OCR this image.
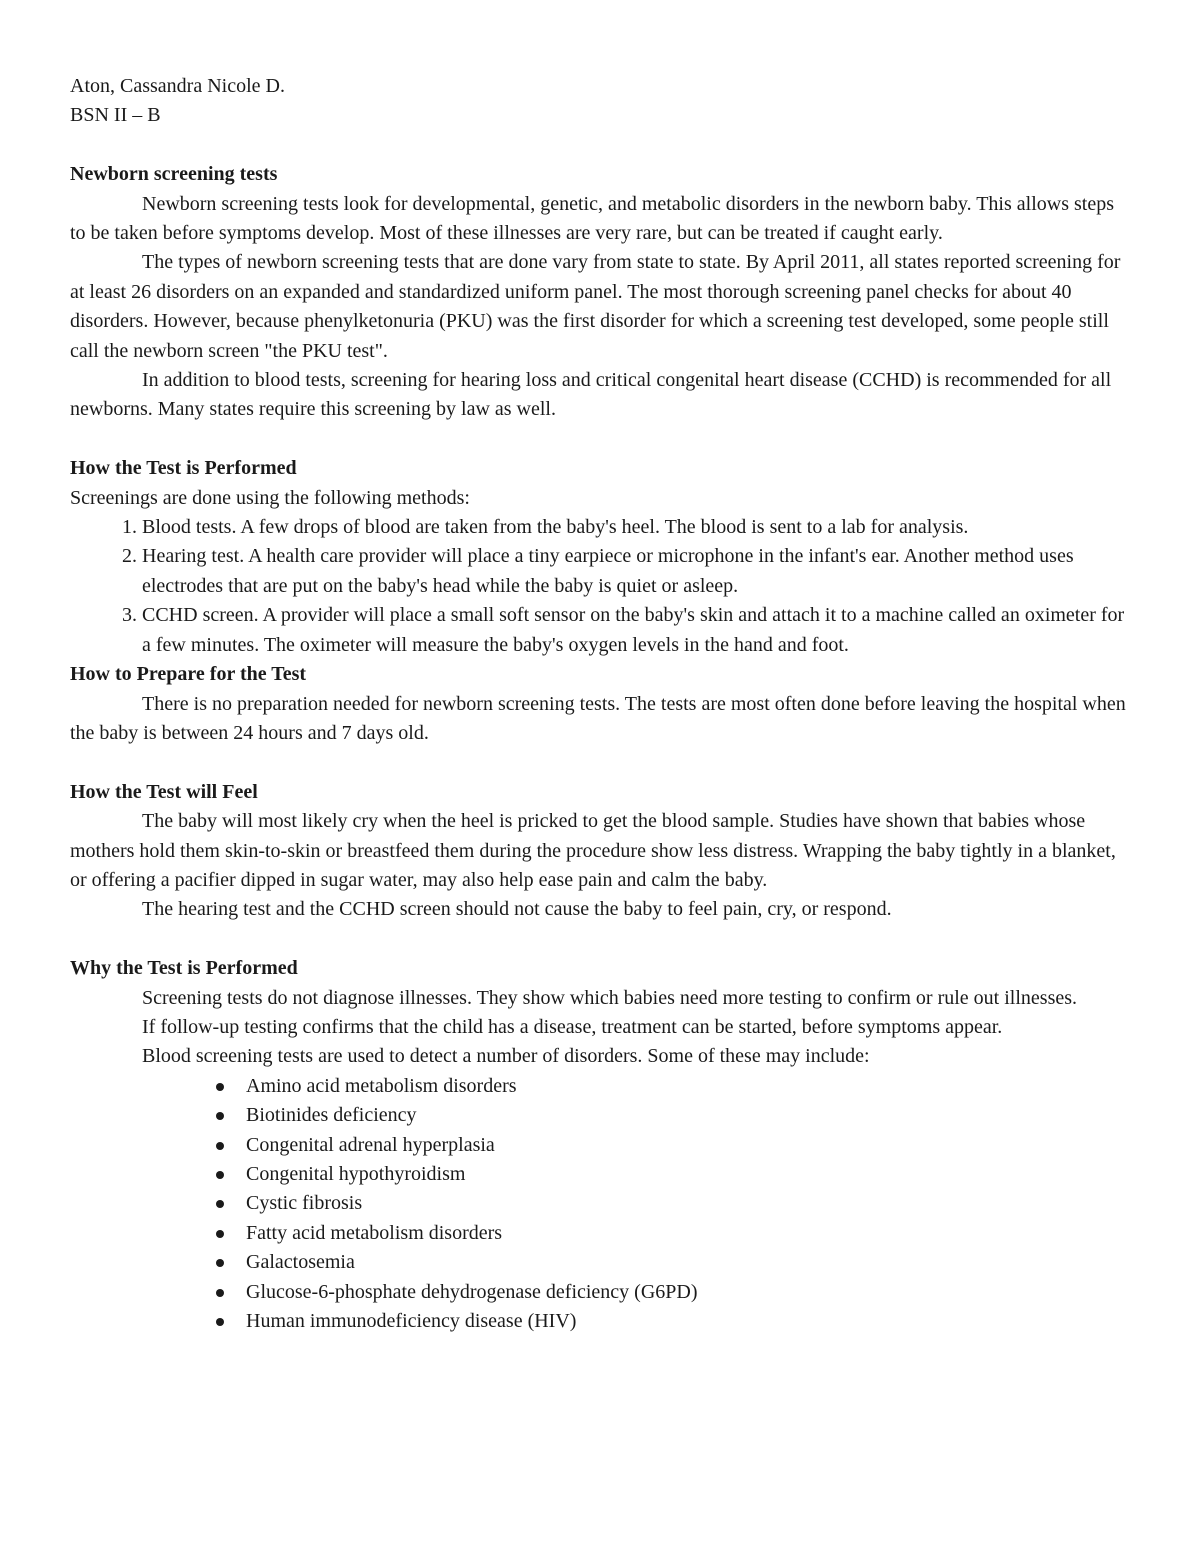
Aton, Cassandra Nicole D.
BSN II – B
Newborn screening tests

Newborn screening tests look for developmental, genetic, and metabolic disorders in the newborn baby. This allows steps to be taken before symptoms develop. Most of these illnesses are very rare, but can be treated if caught early.

The types of newborn screening tests that are done vary from state to state. By April 2011, all states reported screening for at least 26 disorders on an expanded and standardized uniform panel. The most thorough screening panel checks for about 40 disorders. However, because phenylketonuria (PKU) was the first disorder for which a screening test developed, some people still call the newborn screen "the PKU test".

In addition to blood tests, screening for hearing loss and critical congenital heart disease (CCHD) is recommended for all newborns. Many states require this screening by law as well.

How the Test is Performed
Screenings are done using the following methods:
1. Blood tests. A few drops of blood are taken from the baby's heel. The blood is sent to a lab for analysis.
2. Hearing test. A health care provider will place a tiny earpiece or microphone in the infant's ear. Another method uses electrodes that are put on the baby's head while the baby is quiet or asleep.
3. CCHD screen. A provider will place a small soft sensor on the baby's skin and attach it to a machine called an oximeter for a few minutes. The oximeter will measure the baby's oxygen levels in the hand and foot.
How to Prepare for the Test

There is no preparation needed for newborn screening tests. The tests are most often done before leaving the hospital when the baby is between 24 hours and 7 days old.

How the Test will Feel

The baby will most likely cry when the heel is pricked to get the blood sample. Studies have shown that babies whose mothers hold them skin-to-skin or breastfeed them during the procedure show less distress. Wrapping the baby tightly in a blanket, or offering a pacifier dipped in sugar water, may also help ease pain and calm the baby.

The hearing test and the CCHD screen should not cause the baby to feel pain, cry, or respond.

Why the Test is Performed

Screening tests do not diagnose illnesses. They show which babies need more testing to confirm or rule out illnesses.

If follow-up testing confirms that the child has a disease, treatment can be started, before symptoms appear.

Blood screening tests are used to detect a number of disorders. Some of these may include:

Amino acid metabolism disorders
Biotinides deficiency
Congenital adrenal hyperplasia
Congenital hypothyroidism
Cystic fibrosis
Fatty acid metabolism disorders
Galactosemia
Glucose-6-phosphate dehydrogenase deficiency (G6PD)
Human immunodeficiency disease (HIV)
